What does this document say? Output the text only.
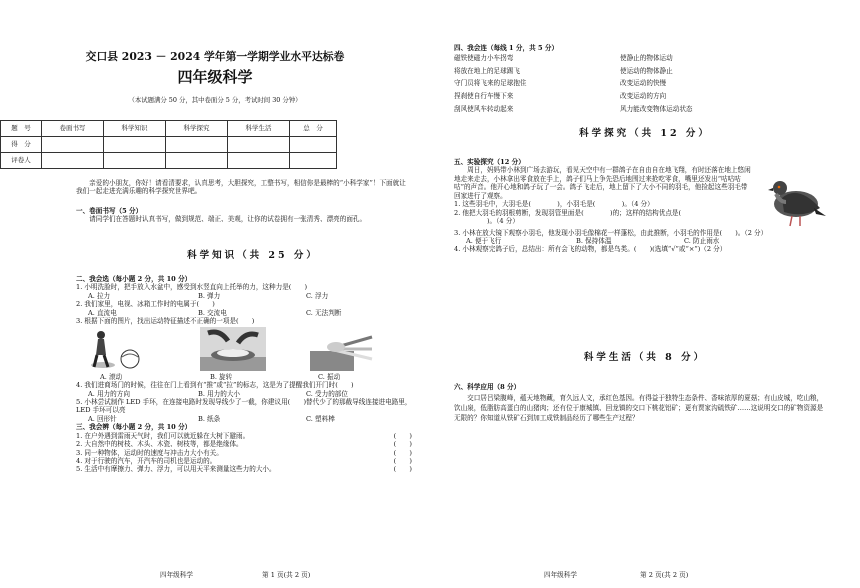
交口县 2023 － 2024 学年第一学期学业水平达标卷
四年级科学
（本试题满分 50 分，其中卷面分 5 分，考试时间 30 分钟）
题　号	卷面书写	科学知识	科学探究	科学生活	总　分
得　分					
评卷人					

　　亲爱的小朋友，你好！请看清要求，认真思考，大胆探究，工整书写，相信你是最棒的“小科学家”！下面就让我们一起走进充满乐趣的科学探究世界吧。

一、卷面书写（5 分）

　　请同学们在答题时认真书写，做到规范、端正、美观，让你的试卷拥有一张清秀、漂亮的面孔。

科学知识（共 25 分）

二、我会选（每小题 2 分，共 10 分）

1. 小明洗脸时，把手放入水盆中，感受到水竖直向上托举的力，这种力是(　　)

A. 拉力	B. 弹力	C. 浮力

2. 我们家里，电视、冰箱工作时的电属于(　　)

A. 直流电	B. 交流电	C. 无法判断

3. 根据下面的图片，找出运动特征描述不正确的一项是(　　)

A. 滚动	B. 旋转	C. 振动

4. 我们进商场门的时候，往往在门上看到有“推”或“拉”的标志，这是为了提醒我们开门时(　　)

A. 用力的方向	B. 用力的大小	C. 受力的部位

5. 小林尝试制作 LED 手环，在连接电路时发现导线少了一截，你建议用(　　)替代少了的那截导线连接进电路里，LED 手环可以亮

A. 回形针	B. 纸条	C. 塑料棒

三、我会辨（每小题 2 分，共 10 分）

1. 在户外遇到雷雨天气时，我们可以就近躲在大树下避雨。	(　　)
2. 大自然中的树枝、木头、木瓷、树枝等，都是绝缘体。	(　　)
3. 同一种物体，运动时的速度与冲击力大小有关。	(　　)
4. 对于行驶的汽车，开汽车的司机也是运动的。	(　　)
5. 生活中有摩擦力、弹力、浮力，可以用天平来测量这些力的大小。	(　　)
四年级科学	第 1 页(共 2 页)

四、我会连（每线 1 分，共 5 分）

磁铁使磁力小车拐弯

将放在地上的足球踢飞

守门员将飞来的足球抱住

捏刹使自行车慢下来

刮风使风车转动起来

使静止的物体运动

使运动的物体静止

改变运动的快慢

改变运动的方向

风力能改变物体运动状态

科学探究（共 12 分）

五、实验探究（12 分）

　　周日，妈妈带小林到广场去游玩，看见天空中有一群鸽子在自由自在地飞翔，有时还落在地上悠闲地走来走去，小林拿出零食放在手上，鸽子们马上争先恐后地围过来抢吃零食，嘴里还发出“咕咕咕咕”的声音。他开心地和鸽子玩了一会。鸽子飞走后，地上留下了大小不同的羽毛，他捡起这些羽毛带回家进行了观察。

1. 这些羽毛中，大羽毛是(　　　　)，小羽毛是(　　　　)。（4 分）

2. 他把大羽毛的羽根剪断，发现羽管里面是(　　　　)的；这样的结构优点是(

　　　　　)。（4 分）

3. 小林在放大镜下观察小羽毛，他发现小羽毛像棉花一样蓬松，由此推断，小羽毛的作用是(　　)。（2 分）

A. 便于飞行	B. 保持体温	C. 防止雨水

4. 小林观察完鸽子后，总结出：所有会飞的动物，都是鸟类。(　　)(选填“√”或“×”)（2 分）

科学生活（共 8 分）

六、科学应用（8 分）

　　交口居吕梁腹峰，蕴天地物藏，育久远人文，承红色基因。有得益于独特生态条件、香味浓厚的夏菇；有山皮城，吃山粮，饮山泉，低脂肪高蛋白的山猪肉；还有位于康城镇、回龙镇的交口下桃花铝矿；更有贾家沟硫铁矿……这说明交口的矿物资源是无限的？你知道从铁矿石到加工成铁制品经历了哪些生产过程？

四年级科学	第 2 页(共 2 页)
